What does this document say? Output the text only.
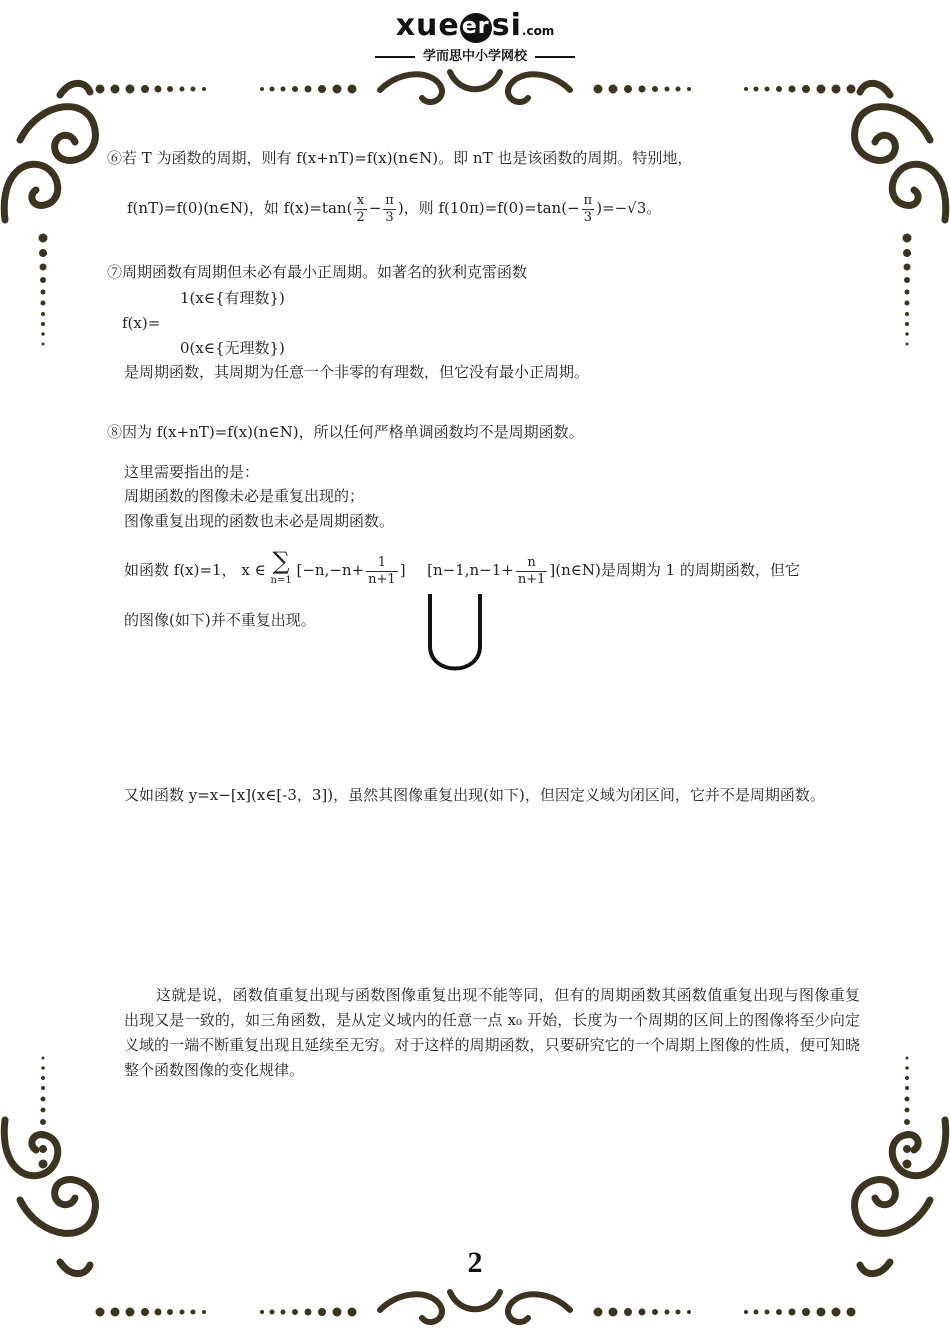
xueersi.com
学而思中小学网校
⑥若 T 为函数的周期，则有 f(x+nT)=f(x)(n∈N)。即 nT 也是该函数的周期。特别地，
f(nT)=f(0)(n∈N)，如 $f(x)=\tan( \frac{x}{2} - \frac{\pi}{3}$ )，则 $f(10\pi)=f(0)=\tan(- \frac{\pi}{3} )=-√3$。
⑦周期函数有周期但未必有最小正周期。如著名的狄利克雷函数
1(x∈{有理数})
f(x)=
0(x∈{无理数})
是周期函数，其周期为任意一个非零的有理数，但它没有最小正周期。
⑧因为 f(x+nT)=f(x)(n∈N)，所以任何严格单调函数均不是周期函数。
这里需要指出的是：
周期函数的图像未必是重复出现的；
图像重复出现的函数也未必是周期函数。
如函数 f(x)=1， x ∈ ∑
n=1
[$-n,-n+ \frac{1}{n+1}$ ] [$n-1,n-1+ \frac{n}{n+1}$ ](n∈N)是周期为 1 的周期函数，但它
的图像(如下)并不重复出现。
又如函数 y=x−[x](x∈[-3，3])，虽然其图像重复出现(如下)，但因定义域为闭区间，它并不是周期函数。
这就是说，函数值重复出现与函数图像重复出现不能等同，但有的周期函数其函数值重复出现与图像重复出现又是一致的，如三角函数，是从定义域内的任意一点 x₀ 开始，长度为一个周期的区间上的图像将至少向定义域的一端不断重复出现且延续至无穷。对于这样的周期函数，只要研究它的一个周期上图像的性质，便可知晓整个函数图像的变化规律。
2
